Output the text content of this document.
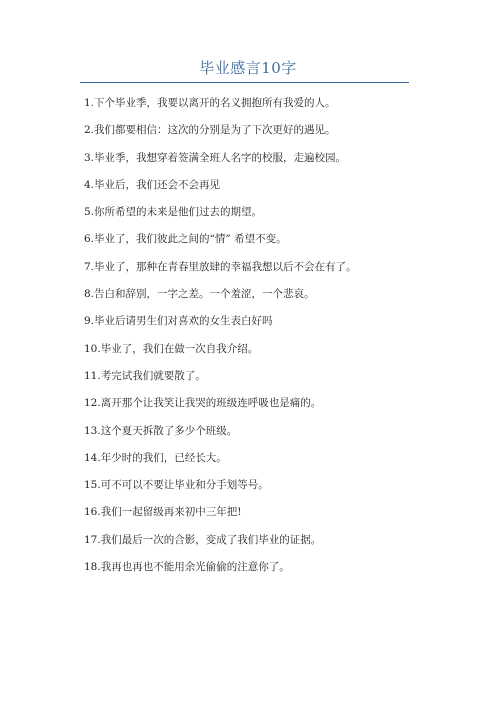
毕业感言10字
1.下个毕业季，我要以离开的名义拥抱所有我爱的人。
2.我们都要相信：这次的分别是为了下次更好的遇见。
3.毕业季，我想穿着签满全班人名字的校服，走遍校园。
4.毕业后，我们还会不会再见
5.你所希望的未来是他们过去的期望。
6.毕业了，我们彼此之间的“情” 希望不变。
7.毕业了，那种在青春里放肆的幸福我想以后不会在有了。
8.告白和辞别，一字之差。一个羞涩，一个悲哀。
9.毕业后请男生们对喜欢的女生表白好吗
10.毕业了，我们在做一次自我介绍。
11.考完试我们就要散了。
12.离开那个让我笑让我哭的班级连呼吸也是痛的。
13.这个夏天拆散了多少个班级。
14.年少时的我们，已经长大。
15.可不可以不要让毕业和分手划等号。
16.我们一起留级再来初中三年把!
17.我们最后一次的合影，变成了我们毕业的证据。
18.我再也再也不能用余光偷偷的注意你了。
